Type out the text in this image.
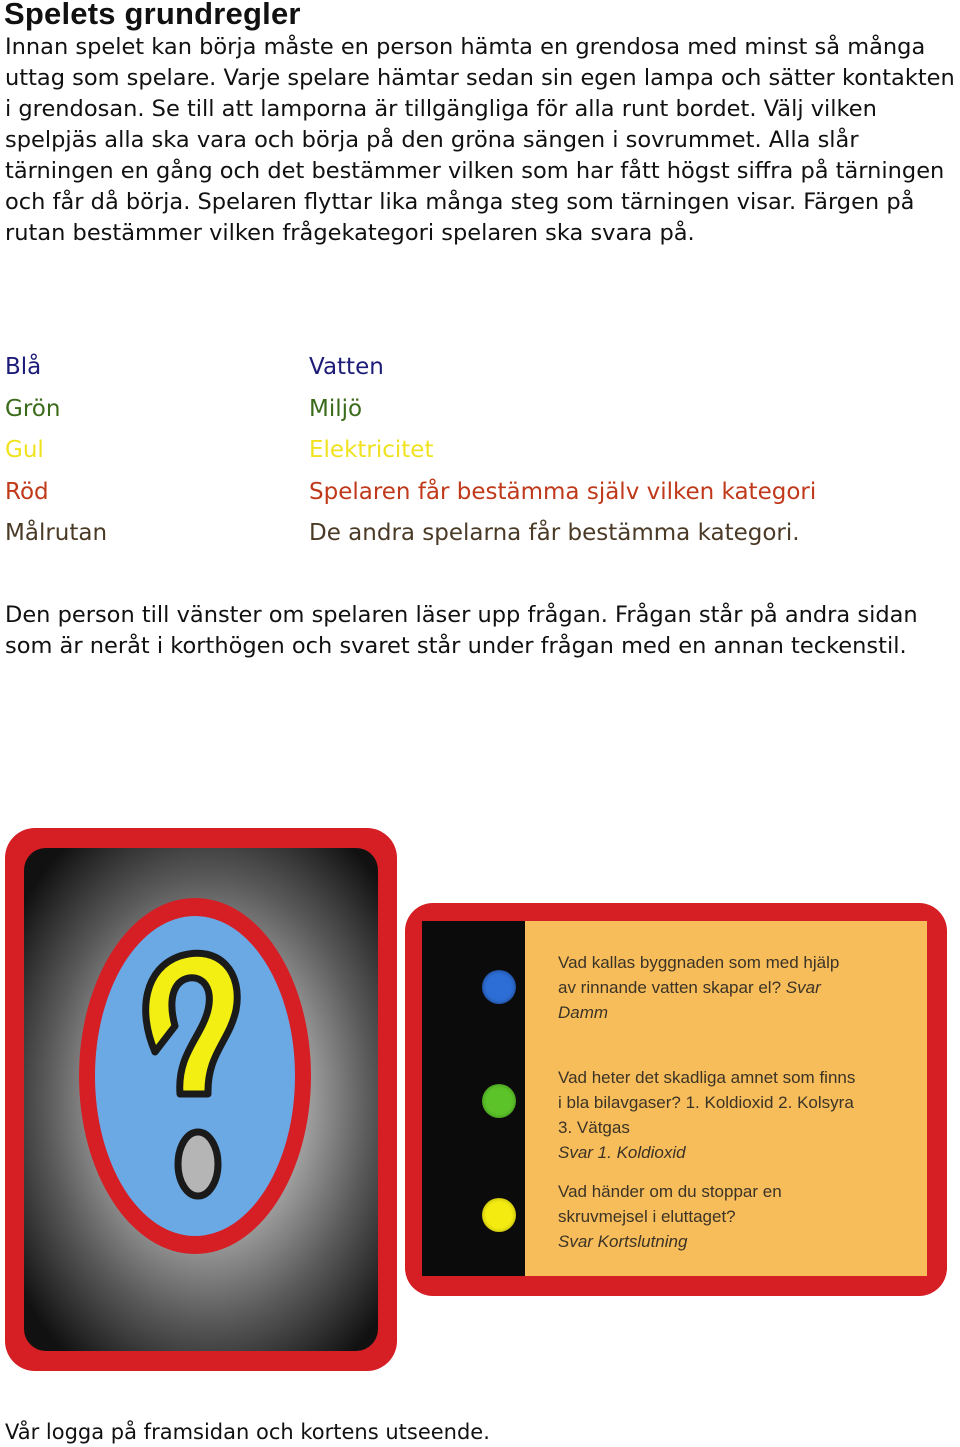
Spelets grundregler

Innan spelet kan börja måste en person hämta en grendosa med minst så många uttag som spelare. Varje spelare hämtar sedan sin egen lampa och sätter kontakten i grendosan. Se till att lamporna är tillgängliga för alla runt bordet. Välj vilken spelpjäs alla ska vara och börja på den gröna sängen i sovrummet. Alla slår tärningen en gång och det bestämmer vilken som har fått högst siffra på tärningen och får då börja. Spelaren flyttar lika många steg som tärningen visar. Färgen på rutan bestämmer vilken frågekategori spelaren ska svara på.

Blå	Vatten
Grön	Miljö
Gul	Elektricitet
Röd	Spelaren får bestämma själv vilken kategori
Målrutan	De andra spelarna får bestämma kategori.

Den person till vänster om spelaren läser upp frågan. Frågan står på andra sidan som är neråt i korthögen och svaret står under frågan med en annan teckenstil.

Vad kallas byggnaden som med hjälp av rinnande vatten skapar el? Svar Damm

Vad heter det skadliga amnet som finns i bla bilavgaser? 1. Koldioxid 2. Kolsyra 3. Vätgas
Svar 1. Koldioxid

Vad händer om du stoppar en skruvmejsel i eluttaget?
Svar Kortslutning

Vår logga på framsidan och kortens utseende.
